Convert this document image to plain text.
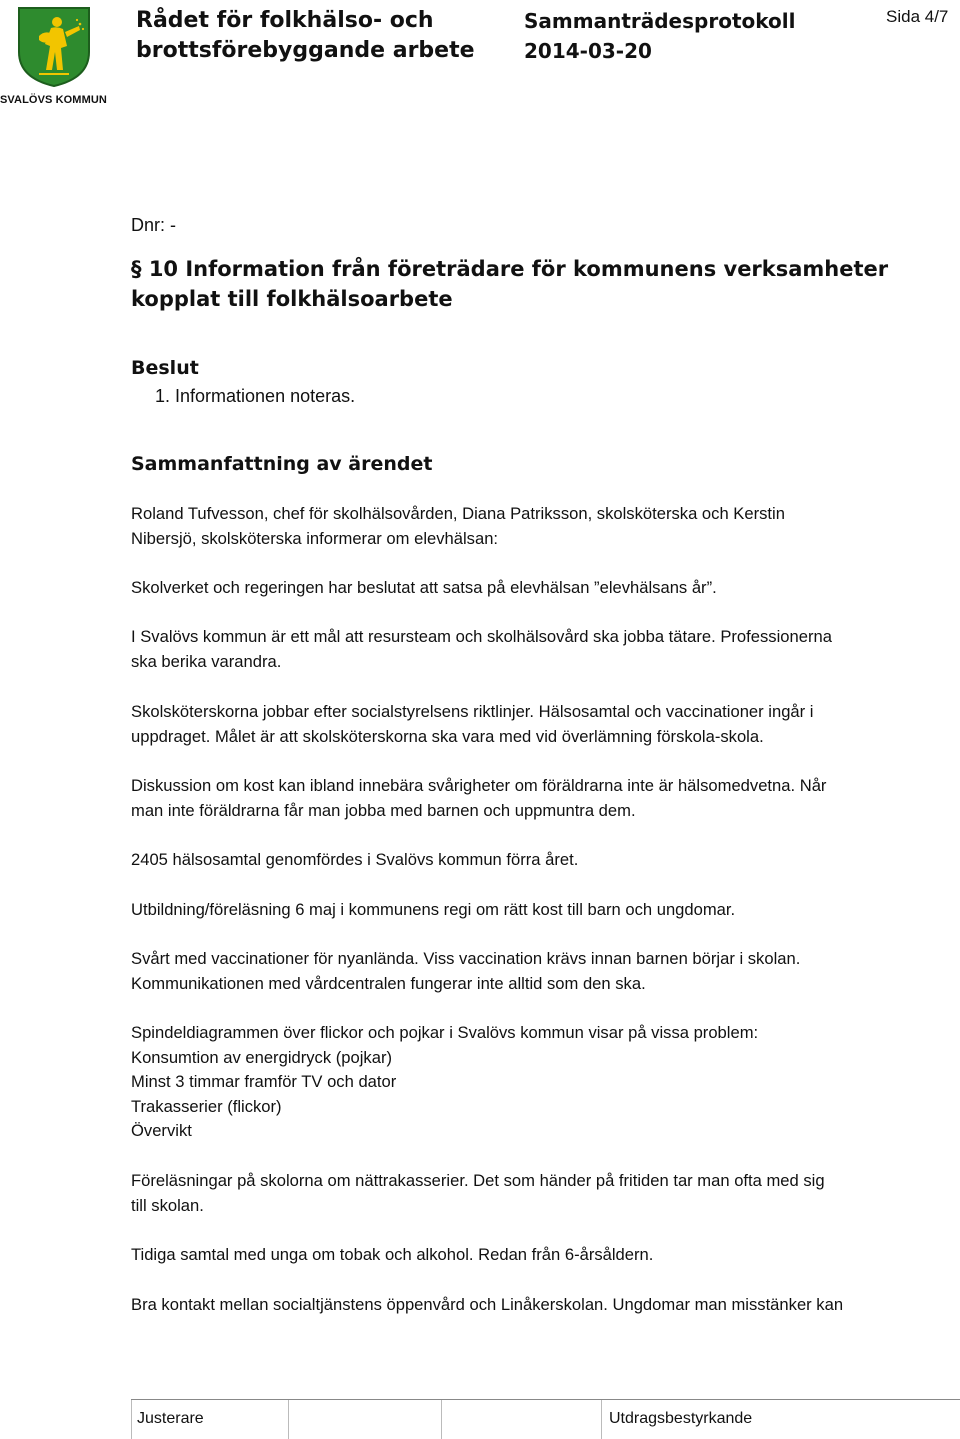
SVALÖVS KOMMUN
Rådet för folkhälso- och
brottsförebyggande arbete
Sammanträdesprotokoll
2014-03-20
Sida 4/7
Dnr: -
§ 10 Information från företrädare för kommunens verksamheter
kopplat till folkhälsoarbete
Beslut
1. Informationen noteras.
Sammanfattning av ärendet
Roland Tufvesson, chef för skolhälsovården, Diana Patriksson, skolsköterska och Kerstin
Nibersjö, skolsköterska informerar om elevhälsan:
Skolverket och regeringen har beslutat att satsa på elevhälsan ”elevhälsans år”.
I Svalövs kommun är ett mål att resursteam och skolhälsovård ska jobba tätare. Professionerna
ska berika varandra.
Skolsköterskorna jobbar efter socialstyrelsens riktlinjer. Hälsosamtal och vaccinationer ingår i
uppdraget. Målet är att skolsköterskorna ska vara med vid överlämning förskola-skola.
Diskussion om kost kan ibland innebära svårigheter om föräldrarna inte är hälsomedvetna. Når
man inte föräldrarna får man jobba med barnen och uppmuntra dem.
2405 hälsosamtal genomfördes i Svalövs kommun förra året.
Utbildning/föreläsning 6 maj i kommunens regi om rätt kost till barn och ungdomar.
Svårt med vaccinationer för nyanlända. Viss vaccination krävs innan barnen börjar i skolan.
Kommunikationen med vårdcentralen fungerar inte alltid som den ska.
Spindeldiagrammen över flickor och pojkar i Svalövs kommun visar på vissa problem:
Konsumtion av energidryck (pojkar)
Minst 3 timmar framför TV och dator
Trakasserier (flickor)
Övervikt
Föreläsningar på skolorna om nättrakasserier. Det som händer på fritiden tar man ofta med sig
till skolan.
Tidiga samtal med unga om tobak och alkohol. Redan från 6-årsåldern.
Bra kontakt mellan socialtjänstens öppenvård och Linåkerskolan. Ungdomar man misstänker kan
Justerare	Utdragsbestyrkande
